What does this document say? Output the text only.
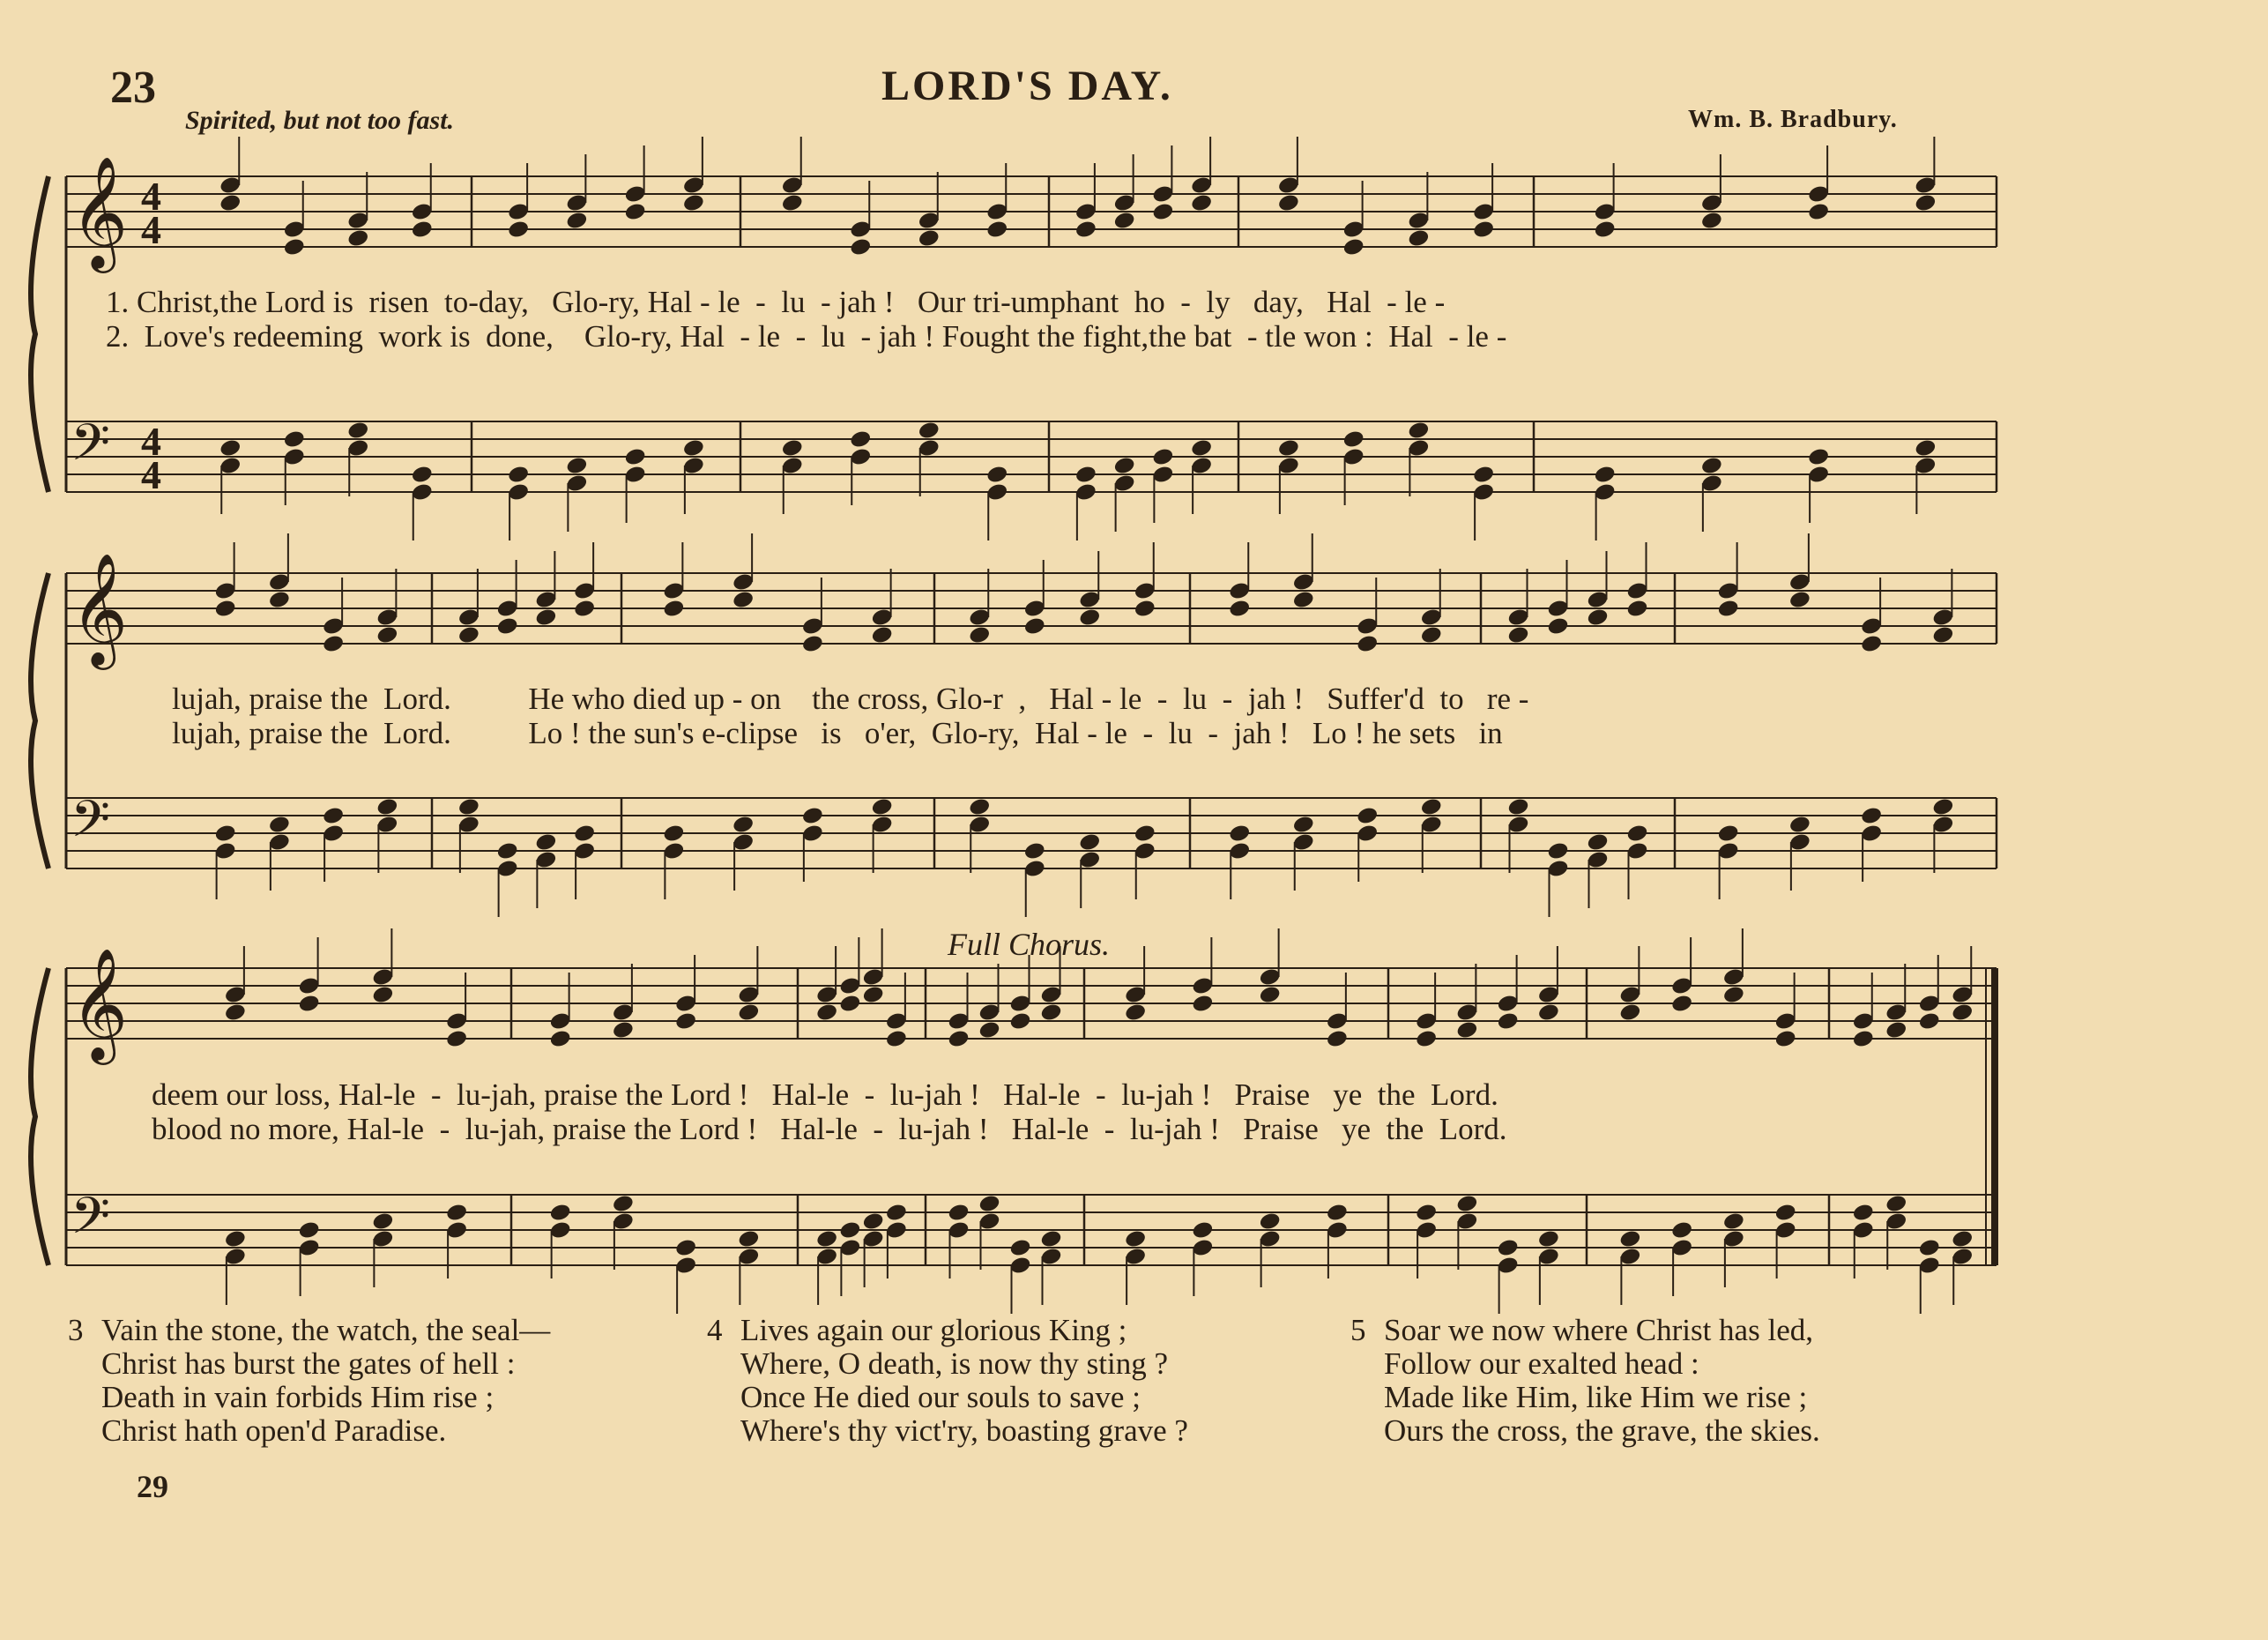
23	LORD'S DAY.
Spirited, but not too fast.	Wm. B. Bradbury.
𝄞
𝄢
𝄞
𝄢
𝄞
𝄢
4
4
4
4
1. Christ,the Lord is  risen  to-day,   Glo-ry, Hal - le  -  lu  - jah !   Our tri-umphant  ho  -  ly   day,   Hal  - le -
2.  Love's redeeming  work is  done,    Glo-ry, Hal  - le  -  lu  - jah ! Fought the fight,the bat  - tle won :  Hal  - le -
lujah, praise the  Lord.          He who died up - on    the cross, Glo-r  ,   Hal - le  -  lu  -  jah !   Suffer'd  to   re -
lujah, praise the  Lord.          Lo ! the sun's e-clipse   is   o'er,  Glo-ry,  Hal - le  -  lu  -  jah !   Lo ! he sets   in
Full Chorus.
deem our loss, Hal-le  -  lu-jah, praise the Lord !   Hal-le  -  lu-jah !   Hal-le  -  lu-jah !   Praise   ye  the  Lord.
blood no more, Hal-le  -  lu-jah, praise the Lord !   Hal-le  -  lu-jah !   Hal-le  -  lu-jah !   Praise   ye  the  Lord.
3 Vain the stone, the watch, the seal—
Christ has burst the gates of hell :
Death in vain forbids Him rise ;
Christ hath open'd Paradise.
4 Lives again our glorious King ;
Where, O death, is now thy sting ?
Once He died our souls to save ;
Where's thy vict'ry, boasting grave ?
5 Soar we now where Christ has led,
Follow our exalted head :
Made like Him, like Him we rise ;
Ours the cross, the grave, the skies.
29
